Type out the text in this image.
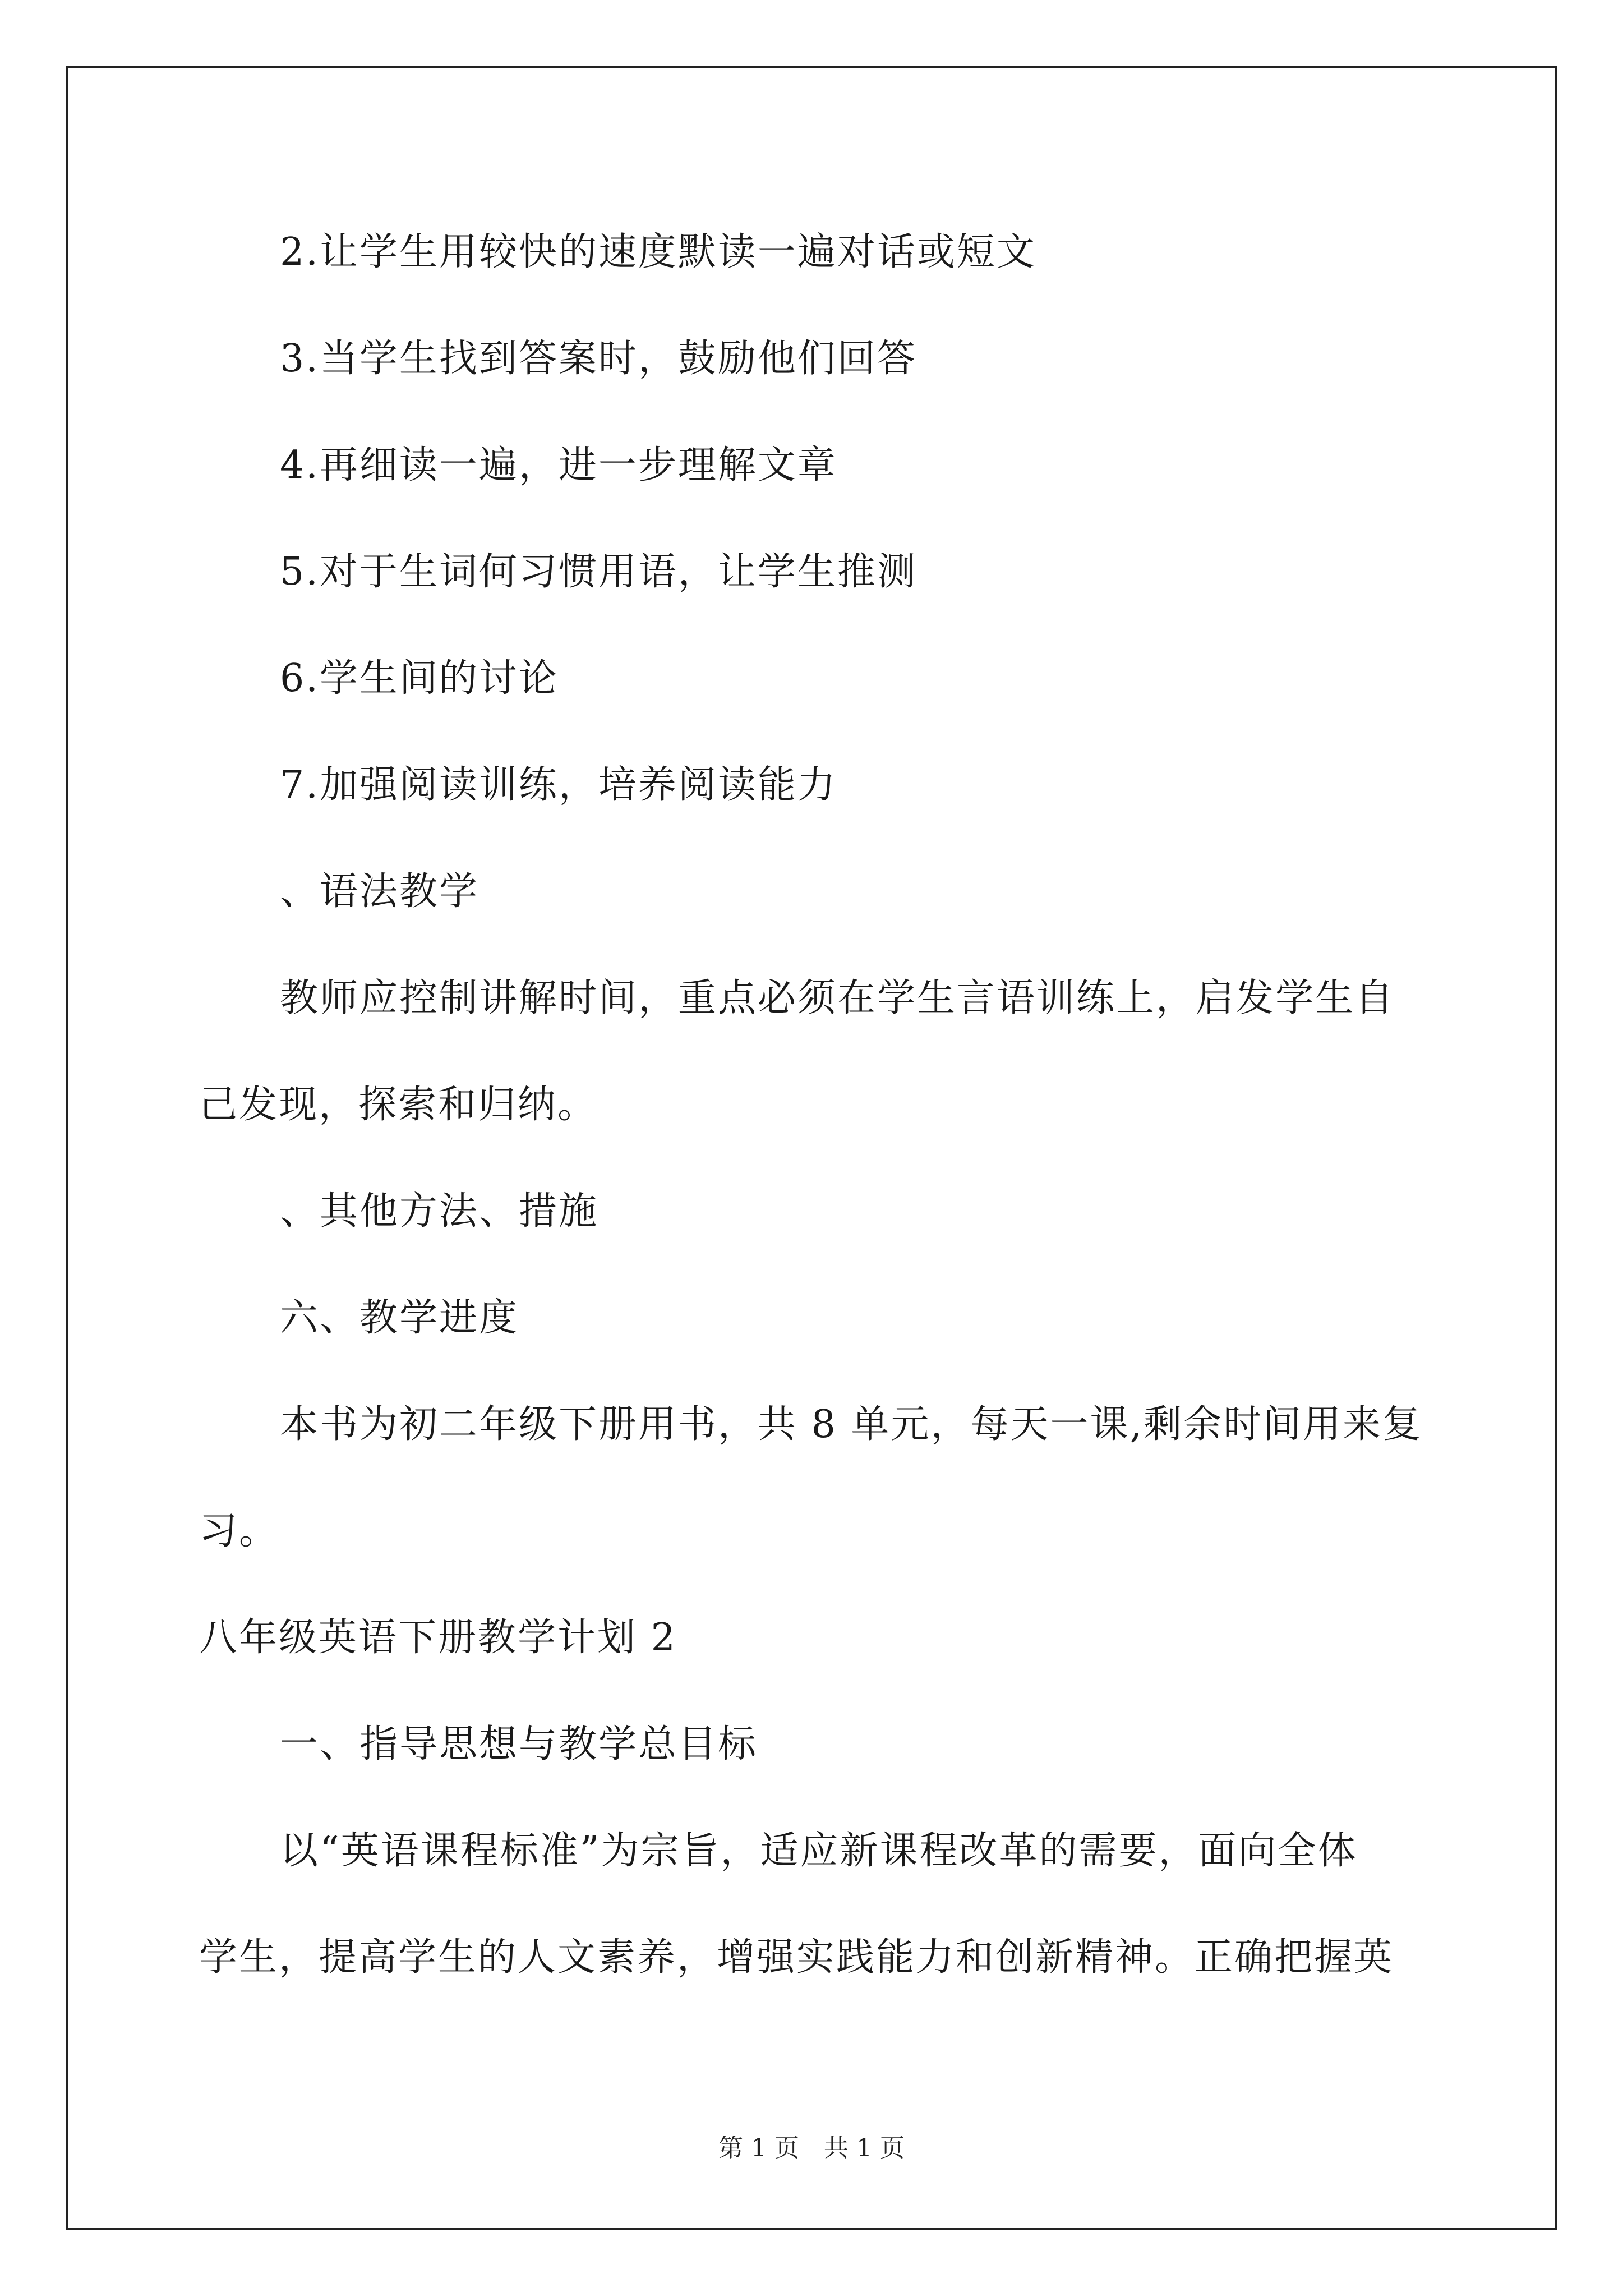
2.让学生用较快的速度默读一遍对话或短文
3.当学生找到答案时，鼓励他们回答
4.再细读一遍，进一步理解文章
5.对于生词何习惯用语，让学生推测
6.学生间的讨论
7.加强阅读训练，培养阅读能力
、语法教学
教师应控制讲解时间，重点必须在学生言语训练上，启发学生自
己发现，探索和归纳。
、其他方法、措施
六、教学进度
本书为初二年级下册用书，共 8 单元，每天一课,剩余时间用来复
习。
八年级英语下册教学计划 2
一、指导思想与教学总目标
以“英语课程标准”为宗旨，适应新课程改革的需要，面向全体
学生，提高学生的人文素养，增强实践能力和创新精神。正确把握英
第 1 页　共 1 页
